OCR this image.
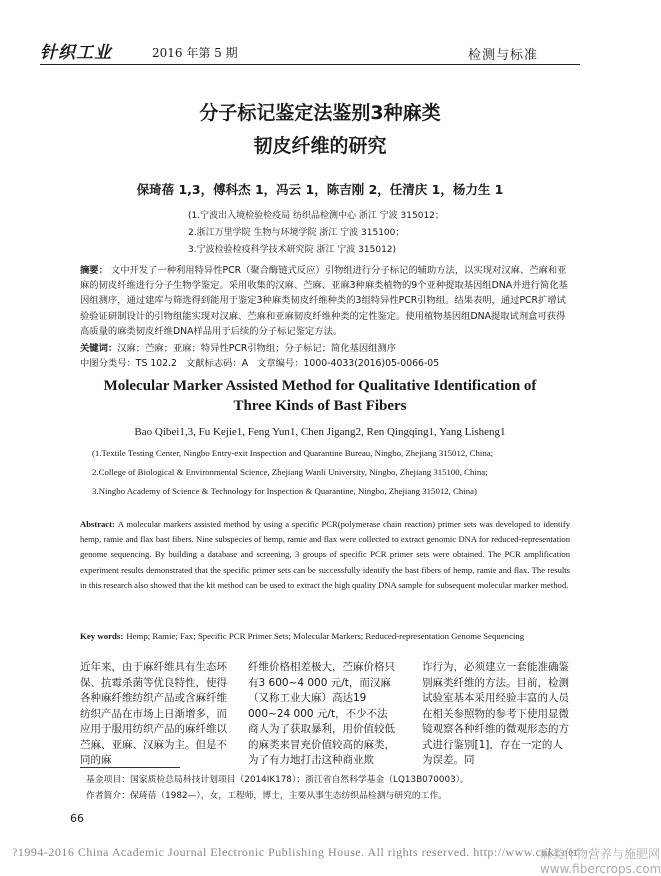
针织工业	2016 年第 5 期	检测与标准
分子标记鉴定法鉴别3种麻类
韧皮纤维的研究
保琦蓓 1,3，傅科杰 1，冯云 1，陈吉刚 2，任清庆 1，杨力生 1
(1.宁波出入境检验检疫局 纺织品检测中心 浙江 宁波 315012；
2.浙江万里学院 生物与环境学院 浙江 宁波 315100；
3.宁波检验检疫科学技术研究院 浙江 宁波 315012)
摘要： 文中开发了一种利用特异性PCR（聚合酶链式反应）引物组进行分子标记的辅助方法，以实现对汉麻、苎麻和亚麻的韧皮纤维进行分子生物学鉴定。采用收集的汉麻、苎麻、亚麻3种麻类植物的9个亚种提取基因组DNA并进行简化基因组测序，通过建库与筛选得到能用于鉴定3种麻类韧皮纤维种类的3组特异性PCR引物组。结果表明，通过PCR扩增试验验证研制设计的引物组能实现对汉麻、苎麻和亚麻韧皮纤维种类的定性鉴定。使用植物基因组DNA提取试剂盒可获得高质量的麻类韧皮纤维DNA样品用于后续的分子标记鉴定方法。
关键词：汉麻；苎麻；亚麻；特异性PCR引物组；分子标记；简化基因组测序
中图分类号：TS 102.2 文献标志码：A 文章编号：1000-4033(2016)05-0066-05
Molecular Marker Assisted Method for Qualitative Identification of
Three Kinds of Bast Fibers
Bao Qibei1,3, Fu Kejie1, Feng Yun1, Chen Jigang2, Ren Qingqing1, Yang Lisheng1
(1.Textile Testing Center, Ningbo Entry-exit Inspection and Quarantine Bureau, Ningbo, Zhejiang 315012, China;
2.College of Biological & Environmental Science, Zhejiang Wanli University, Ningbo, Zhejiang 315100, China;
3.Ningbo Academy of Science & Technology for Inspection & Quarantine, Ningbo, Zhejiang 315012, China)
Abstract: A molecular markers assisted method by using a specific PCR(polymerase chain reaction) primer sets was developed to identify hemp, ramie and flax bast fibers. Nine subspecies of hemp, ramie and flax were collected to extract genomic DNA for reduced-representation genome sequencing. By building a database and screening, 3 groups of specific PCR primer sets were obtained. The PCR amplification experiment results demonstrated that the specific primer sets can be successfully identify the bast fibers of hemp, ramie and flax. The results in this research also showed that the kit method can be used to extract the high quality DNA sample for subsequent molecular marker method.
Key words: Hemp; Ramie; Fax; Specific PCR Primer Sets; Molecular Markers; Reduced-representation Genome Sequencing
近年来，由于麻纤维具有生态环保、抗霉杀菌等优良特性，使得各种麻纤维纺织产品或含麻纤维纺织产品在市场上日渐增多，而应用于服用纺织产品的麻纤维以苎麻、亚麻、汉麻为主。但是不同的麻
纤维价格相差极大，苎麻价格只有3 600~4 000 元/t，而汉麻（又称工业大麻）高达19 000~24 000 元/t，不少不法商人为了获取暴利，用价值较低的麻类来冒充价值较高的麻类，为了有力地打击这种商业欺
诈行为，必须建立一套能准确鉴别麻类纤维的方法。目前，检测试验室基本采用经验丰富的人员在相关参照物的参考下使用显微镜观察各种纤维的微观形态的方式进行鉴别[1]，存在一定的人为误差。同
基金项目：国家质检总局科技计划项目（2014IK178）；浙江省自然科学基金（LQ13B070003）。
作者简介：保琦蓓（1982—），女，工程师，博士，主要从事生态纺织品检测与研究的工作。
66
?1994-2016 China Academic Journal Electronic Publishing House. All rights reserved. http://www.cnki.net
麻类作物营养与施肥网 www.fibercrops.com
